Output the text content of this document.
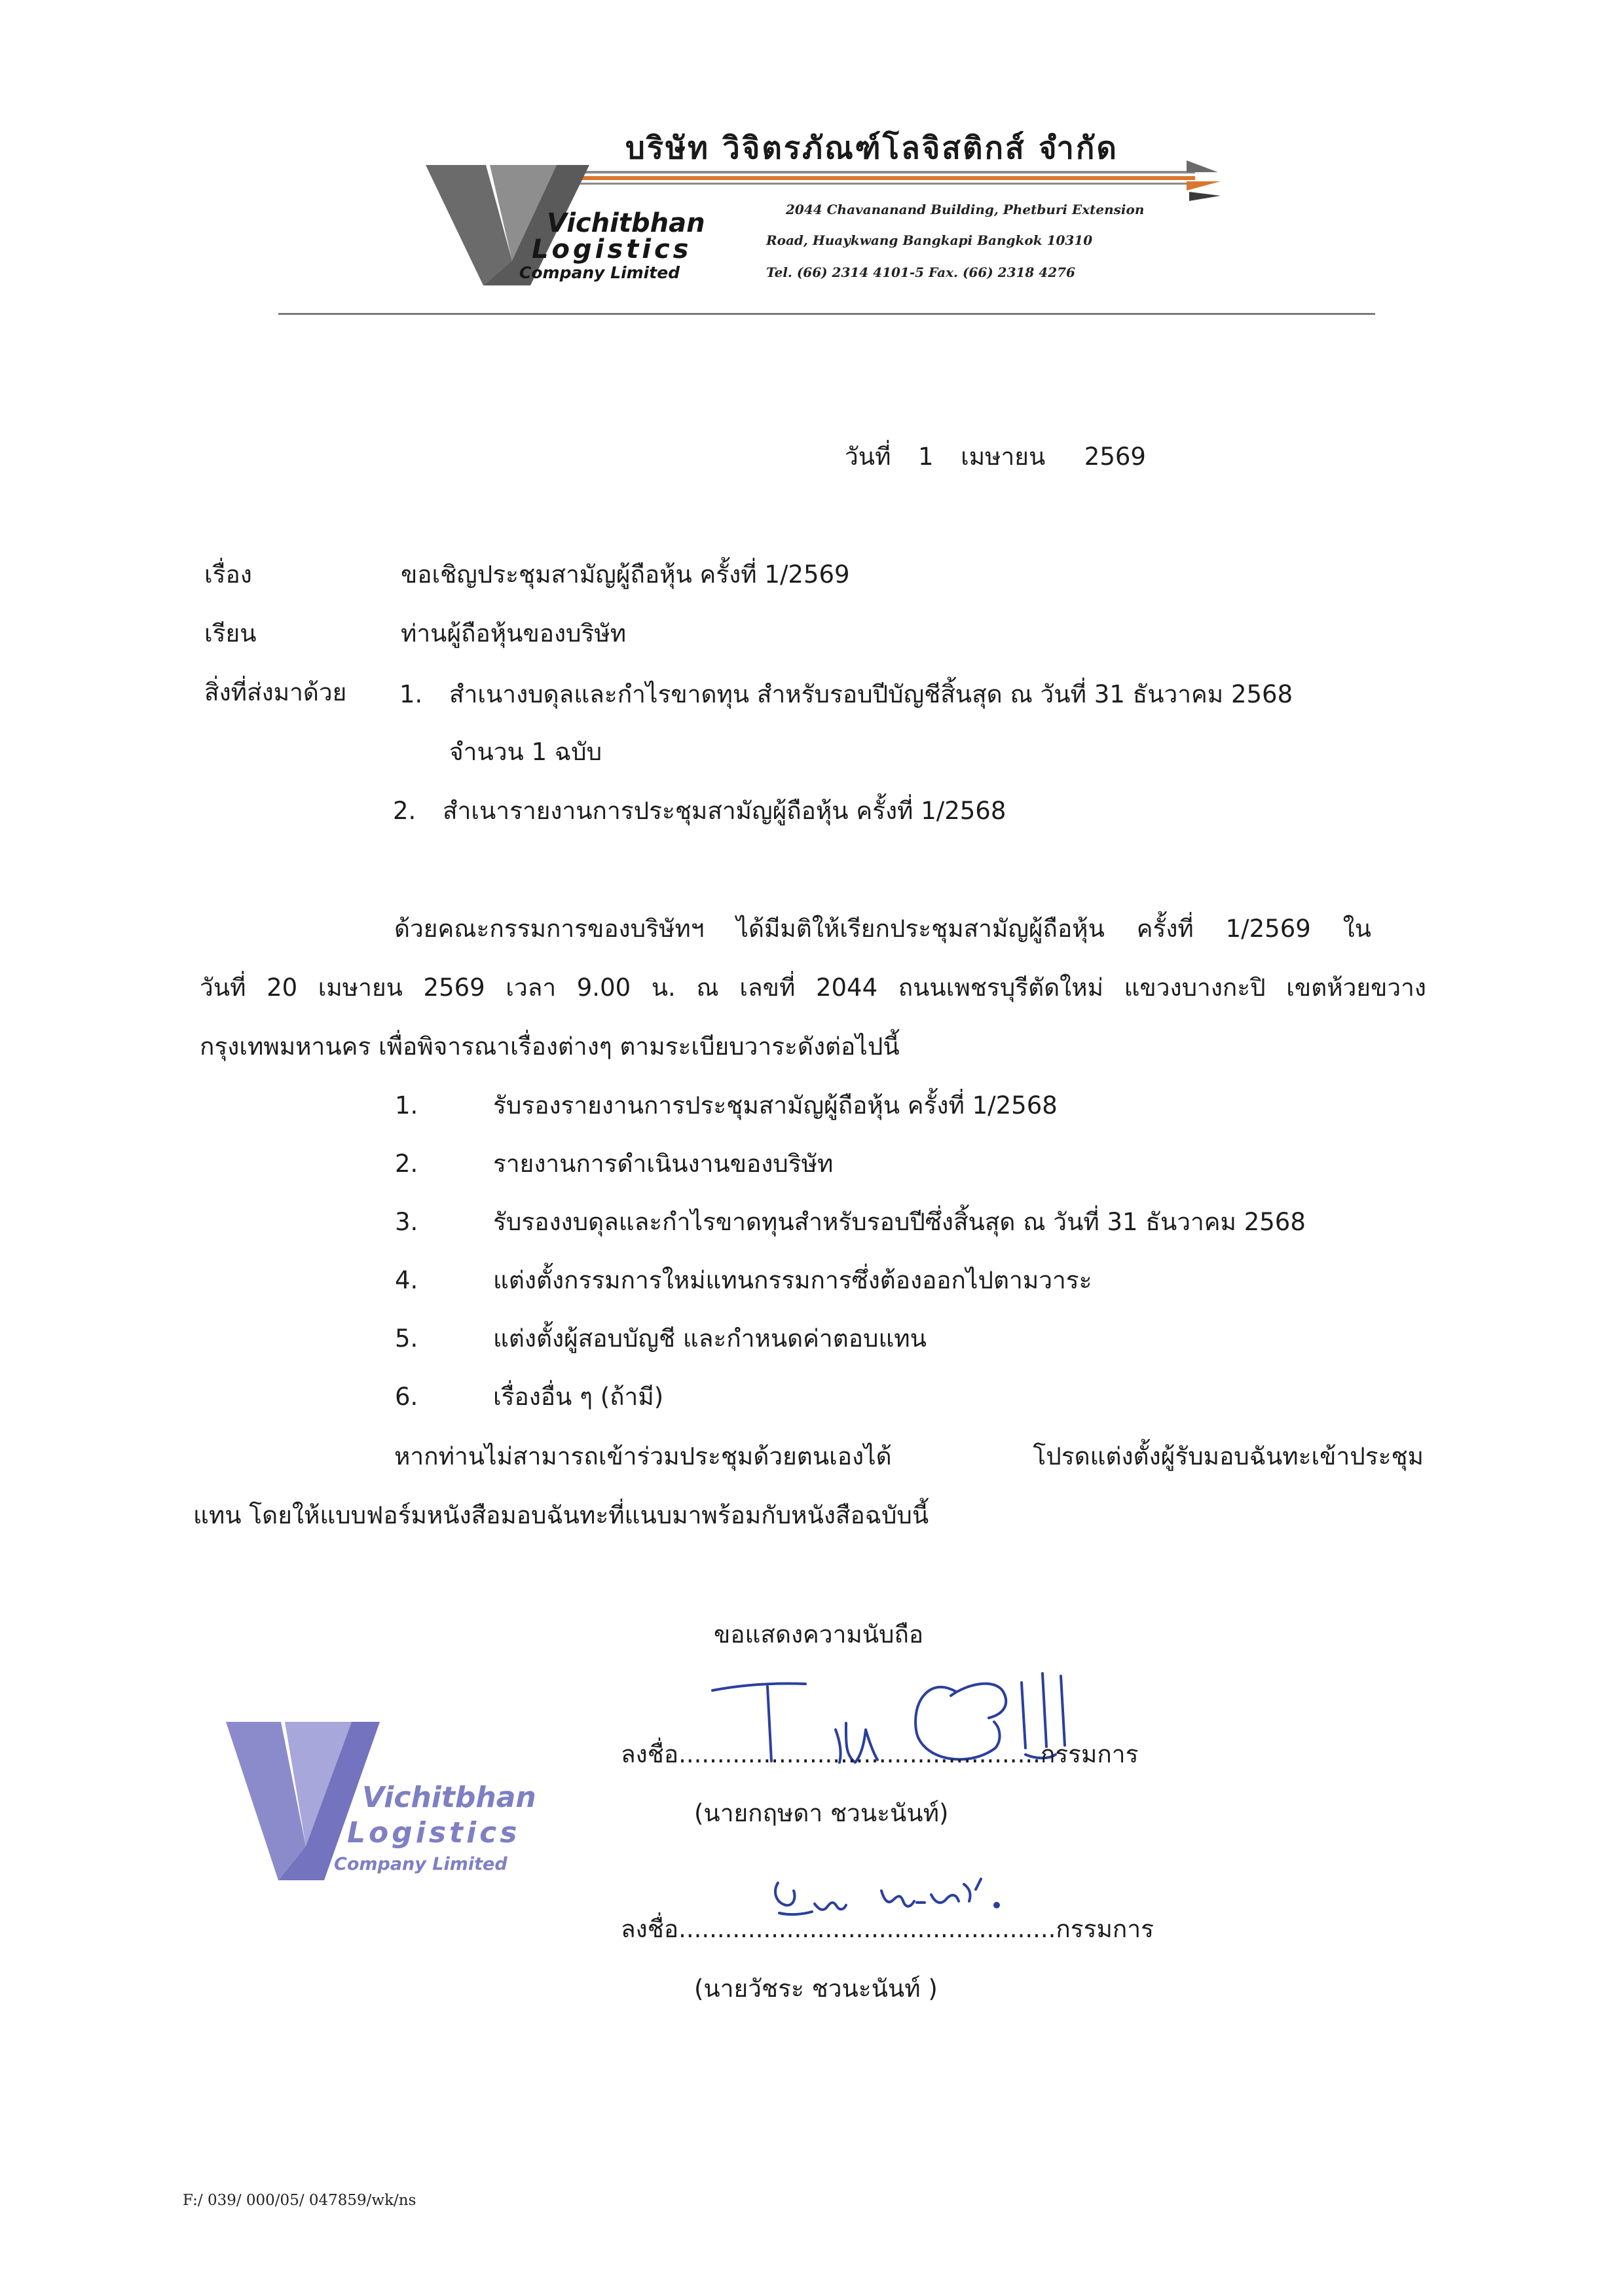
บริษัท วิจิตรภัณฑ์โลจิสติกส์ จำกัด
Vichitbhan
Logistics
Company Limited
2044 Chavananand Building, Phetburi Extension
Road, Huaykwang Bangkapi Bangkok 10310
Tel. (66) 2314 4101-5 Fax. (66) 2318 4276
วันที่ 1 เมษายน 2569
เรื่อง	ขอเชิญประชุมสามัญผู้ถือหุ้น ครั้งที่ 1/2569
เรียน	ท่านผู้ถือหุ้นของบริษัท
สิ่งที่ส่งมาด้วย 1. สำเนางบดุลและกำไรขาดทุน สำหรับรอบปีบัญชีสิ้นสุด ณ วันที่ 31 ธันวาคม 2568
จำนวน 1 ฉบับ
2. สำเนารายงานการประชุมสามัญผู้ถือหุ้น ครั้งที่ 1/2568
ด้วยคณะกรรมการของบริษัทฯ ได้มีมติให้เรียกประชุมสามัญผู้ถือหุ้น ครั้งที่ 1/2569 ใน
วันที่ 20 เมษายน 2569 เวลา 9.00 น. ณ เลขที่ 2044 ถนนเพชรบุรีตัดใหม่ แขวงบางกะปิ เขตห้วยขวาง
กรุงเทพมหานคร เพื่อพิจารณาเรื่องต่างๆ ตามระเบียบวาระดังต่อไปนี้
1.	รับรองรายงานการประชุมสามัญผู้ถือหุ้น ครั้งที่ 1/2568
2.	รายงานการดำเนินงานของบริษัท
3.	รับรองงบดุลและกำไรขาดทุนสำหรับรอบปีซึ่งสิ้นสุด ณ วันที่ 31 ธันวาคม 2568
4.	แต่งตั้งกรรมการใหม่แทนกรรมการซึ่งต้องออกไปตามวาระ
5.	แต่งตั้งผู้สอบบัญชี และกำหนดค่าตอบแทน
6.	เรื่องอื่น ๆ (ถ้ามี)
หากท่านไม่สามารถเข้าร่วมประชุมด้วยตนเองได้ โปรดแต่งตั้งผู้รับมอบฉันทะเข้าประชุม
แทน โดยให้แบบฟอร์มหนังสือมอบฉันทะที่แนบมาพร้อมกับหนังสือฉบับนี้
ขอแสดงความนับถือ
Vichitbhan
Logistics
Company Limited
ลงชื่อ...............................................กรรมการ
(นายกฤษดา ชวนะนันท์)
ลงชื่อ.................................................กรรมการ
(นายวัชระ ชวนะนันท์ )
F:/ 039/ 000/05/ 047859/wk/ns
